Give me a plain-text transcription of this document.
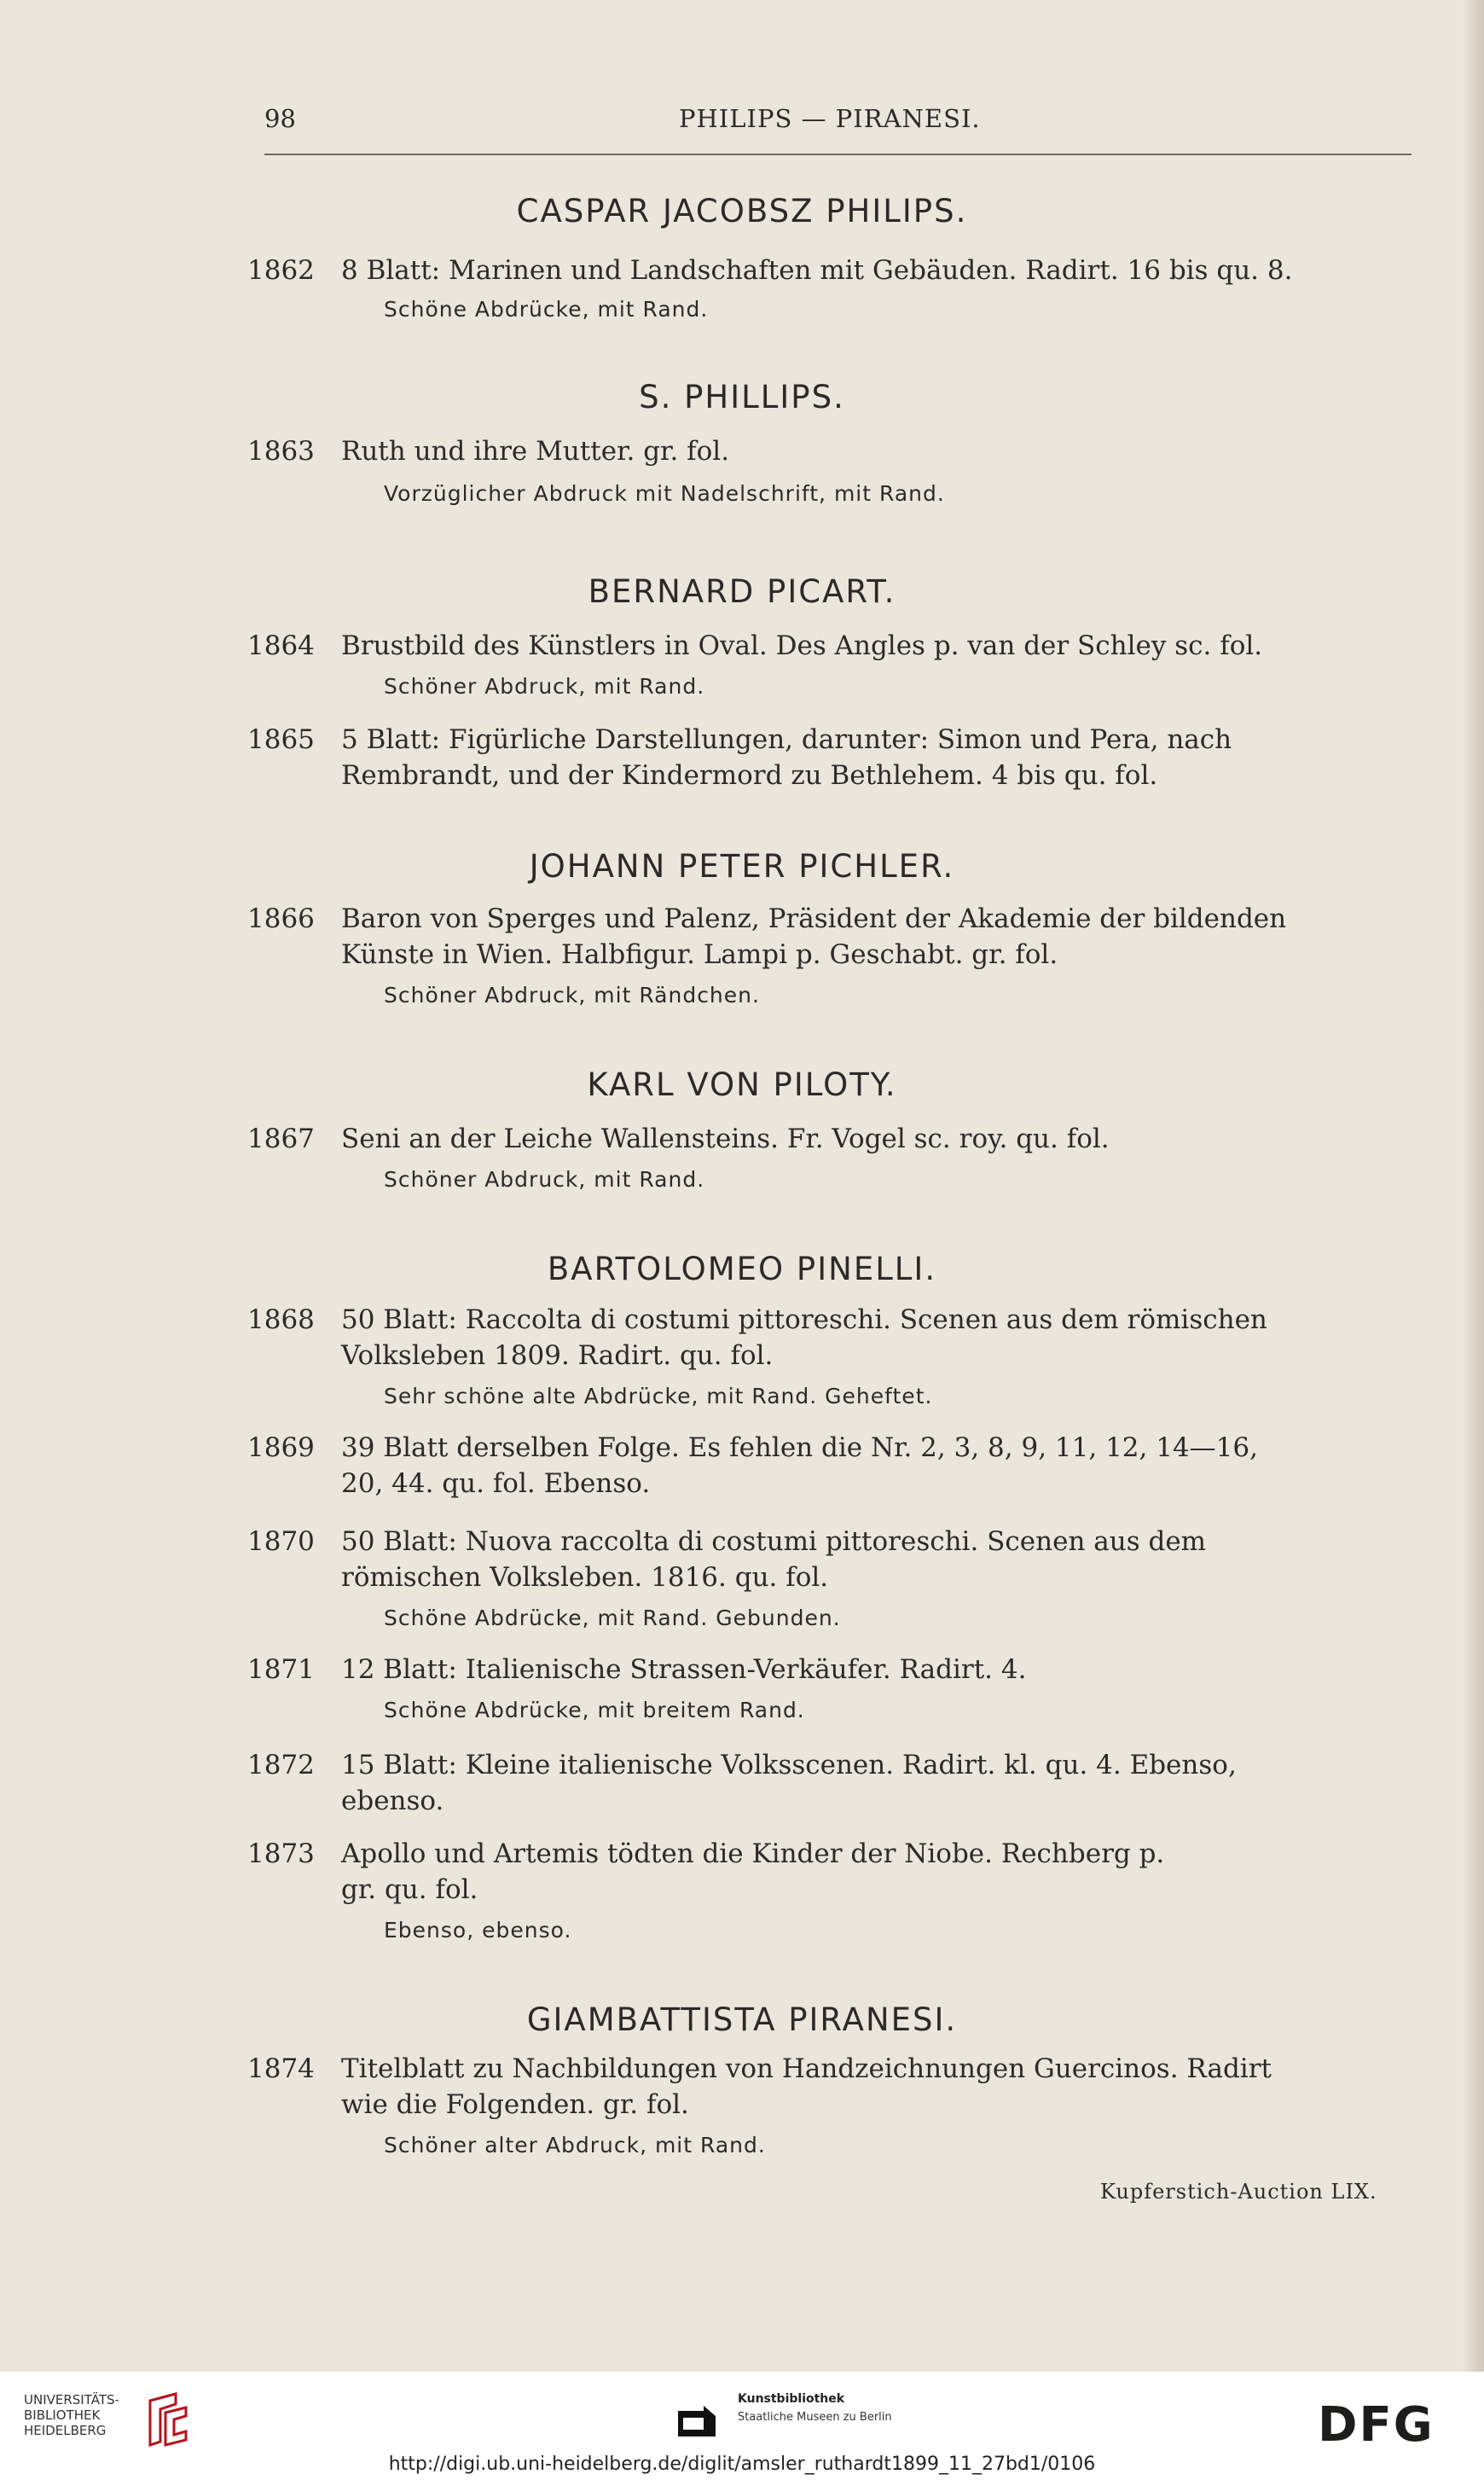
98	PHILIPS — PIRANESI.
CASPAR JACOBSZ PHILIPS.
1862	8 Blatt: Marinen und Landschaften mit Gebäuden. Radirt. 16 bis qu. 8.
Schöne Abdrücke, mit Rand.
S. PHILLIPS.
1863	Ruth und ihre Mutter. gr. fol.
Vorzüglicher Abdruck mit Nadelschrift, mit Rand.
BERNARD PICART.
1864	Brustbild des Künstlers in Oval. Des Angles p. van der Schley sc. fol.
Schöner Abdruck, mit Rand.
1865	5 Blatt: Figürliche Darstellungen, darunter: Simon und Pera, nach
Rembrandt, und der Kindermord zu Bethlehem. 4 bis qu. fol.
JOHANN PETER PICHLER.
1866	Baron von Sperges und Palenz, Präsident der Akademie der bildenden
Künste in Wien. Halbfigur. Lampi p. Geschabt. gr. fol.
Schöner Abdruck, mit Rändchen.
KARL VON PILOTY.
1867	Seni an der Leiche Wallensteins. Fr. Vogel sc. roy. qu. fol.
Schöner Abdruck, mit Rand.
BARTOLOMEO PINELLI.
1868	50 Blatt: Raccolta di costumi pittoreschi. Scenen aus dem römischen
Volksleben 1809. Radirt. qu. fol.
Sehr schöne alte Abdrücke, mit Rand. Geheftet.
1869	39 Blatt derselben Folge. Es fehlen die Nr. 2, 3, 8, 9, 11, 12, 14—16,
20, 44. qu. fol. Ebenso.
1870	50 Blatt: Nuova raccolta di costumi pittoreschi. Scenen aus dem
römischen Volksleben. 1816. qu. fol.
Schöne Abdrücke, mit Rand. Gebunden.
1871	12 Blatt: Italienische Strassen-Verkäufer. Radirt. 4.
Schöne Abdrücke, mit breitem Rand.
1872	15 Blatt: Kleine italienische Volksscenen. Radirt. kl. qu. 4. Ebenso,
ebenso.
1873	Apollo und Artemis tödten die Kinder der Niobe. Rechberg p.
gr. qu. fol.
Ebenso, ebenso.
GIAMBATTISTA PIRANESI.
1874	Titelblatt zu Nachbildungen von Handzeichnungen Guercinos. Radirt
wie die Folgenden. gr. fol.
Schöner alter Abdruck, mit Rand.
Kupferstich-Auction LIX.
UNIVERSITÄTS-
BIBLIOTHEK
HEIDELBERG
Kunstbibliothek
Staatliche Museen zu Berlin	DFG
http://digi.ub.uni-heidelberg.de/diglit/amsler_ruthardt1899_11_27bd1/0106
